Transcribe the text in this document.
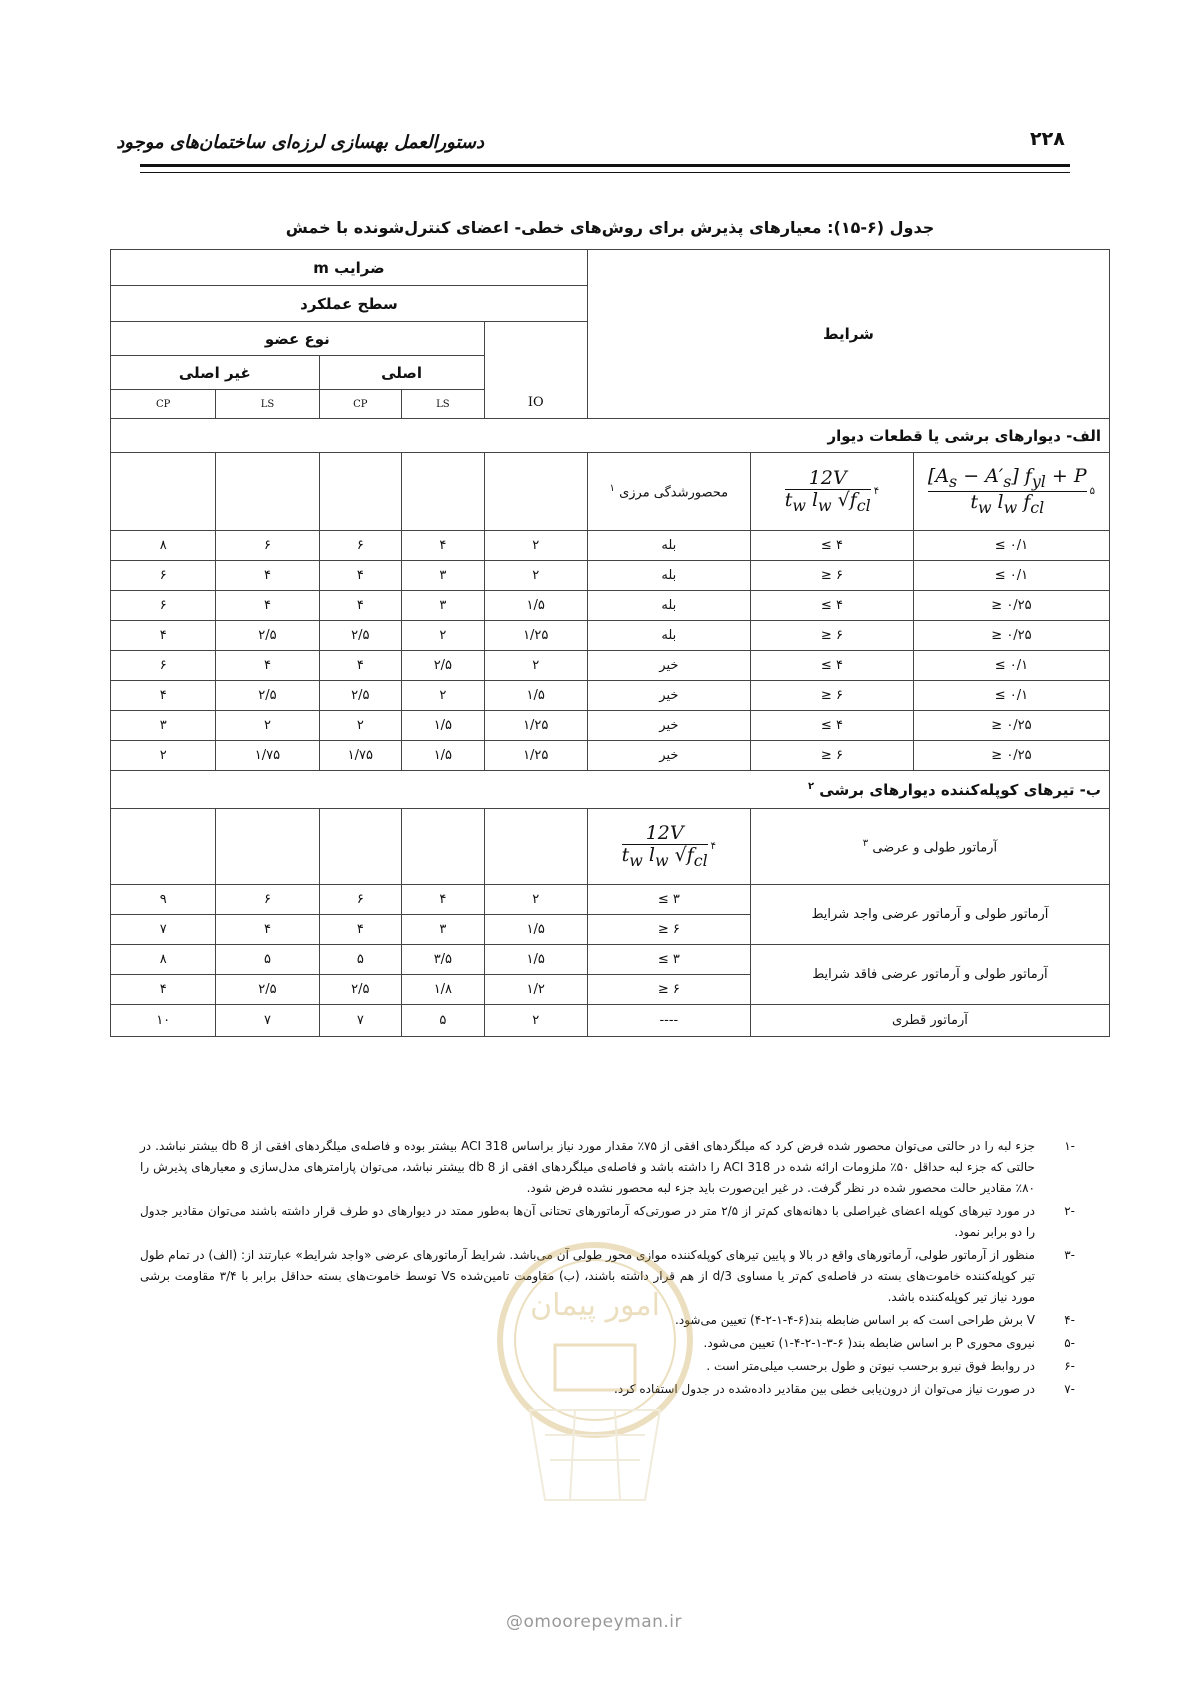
۲۲۸
دستورالعمل بهسازی لرزه‌ای ساختمان‌های موجود
جدول (۶-۱۵): معیارهای پذیرش برای روش‌های خطی- اعضای کنترل‌شونده با خمش
شرایط			ضرایب m				
			سطح عملکرد				
			IO	نوع عضو			
				اصلی		غیر اصلی	
				LS	CP	LS	CP
الف- دیوارهای برشی یا قطعات دیوار							

$\frac{[A_s - A'_s] f_{yl} + P}{t_w l_w f_{cl}}$ ۵	$\frac{12V}{t_w l_w √f_{cl}}$ ۴	محصورشدگی مرزی $^۱$					
۰/۱ ≥	۴ ≥	بله	۲	۴	۶	۶	۸
۰/۱ ≥	۶ ≤	بله	۲	۳	۴	۴	۶
۰/۲۵ ≤	۴ ≥	بله	۱/۵	۳	۴	۴	۶
۰/۲۵ ≤	۶ ≤	بله	۱/۲۵	۲	۲/۵	۲/۵	۴
۰/۱ ≥	۴ ≥	خیر	۲	۲/۵	۴	۴	۶
۰/۱ ≥	۶ ≤	خیر	۱/۵	۲	۲/۵	۲/۵	۴
۰/۲۵ ≤	۴ ≥	خیر	۱/۲۵	۱/۵	۲	۲	۳
۰/۲۵ ≤	۶ ≤	خیر	۱/۲۵	۱/۵	۱/۷۵	۱/۷۵	۲
ب- تیرهای کوپله‌کننده دیوارهای برشی $^۲$
آرماتور طولی و عرضی $^۳$		$\frac{12V}{t_w l_w √f_{cl}}$ ۴					

آرماتور طولی و آرماتور عرضی واجد شرایط		۳ ≥	۲	۴	۶	۶	۹
		۶ ≤	۱/۵	۳	۴	۴	۷
آرماتور طولی و آرماتور عرضی فاقد شرایط		۳ ≥	۱/۵	۳/۵	۵	۵	۸
		۶ ≤	۱/۲	۱/۸	۲/۵	۲/۵	۴
آرماتور قطری		----	۲	۵	۷	۷	۱۰
-۱
جزء لبه را در حالتی می‌توان محصور شده فرض کرد که میلگردهای افقی از ۷۵٪ مقدار مورد نیاز براساس ACI 318 بیشتر بوده و فاصله‌ی میلگردهای افقی از 8 db بیشتر نباشد. در حالتی که جزء لبه حداقل ۵۰٪ ملزومات ارائه شده در ACI 318 را داشته باشد و فاصله‌ی میلگردهای افقی از 8 db بیشتر نباشد، می‌توان پارامترهای مدل‌سازی و معیارهای پذیرش را ۸۰٪ مقادیر حالت محصور شده در نظر گرفت. در غیر این‌صورت باید جزء لبه محصور نشده فرض شود.
-۲
در مورد تیرهای کوپله اعضای غیراصلی با دهانه‌های کم‌تر از ۲/۵ متر در صورتی‌که آرماتورهای تحتانی آن‌ها به‌طور ممتد در دیوارهای دو طرف قرار داشته باشند می‌توان مقادیر جدول را دو برابر نمود.
-۳
منظور از آرماتور طولی، آرماتورهای واقع در بالا و پایین تیرهای کوپله‌کننده موازی محور طولی آن می‌باشد. شرایط آرماتورهای عرضی «واجد شرایط» عبارتند از: (الف) در تمام طول تیر کوپله‌کننده خاموت‌های بسته در فاصله‌ی کم‌تر یا مساوی d/3 از هم قرار داشته باشند، (ب) مقاومت تامین‌شده Vs توسط خاموت‌های بسته حداقل برابر با ۳/۴ مقاومت برشی مورد نیاز تیر کوپله‌کننده باشد.
-۴
V برش طراحی است که بر اساس ضابطه بند(۶-۴-۱-۲-۴) تعیین می‌شود.
-۵
نیروی محوری P بر اساس ضابطه بند( ۶-۳-۱-۲-۴-۱) تعیین می‌شود.
-۶
در روابط فوق نیرو برحسب نیوتن و طول برحسب میلی‌متر است .
-۷
در صورت نیاز می‌توان از درون‌یابی خطی بین مقادیر داده‌شده در جدول استفاده کرد.
امور پیمان
@omoorepeyman.ir
